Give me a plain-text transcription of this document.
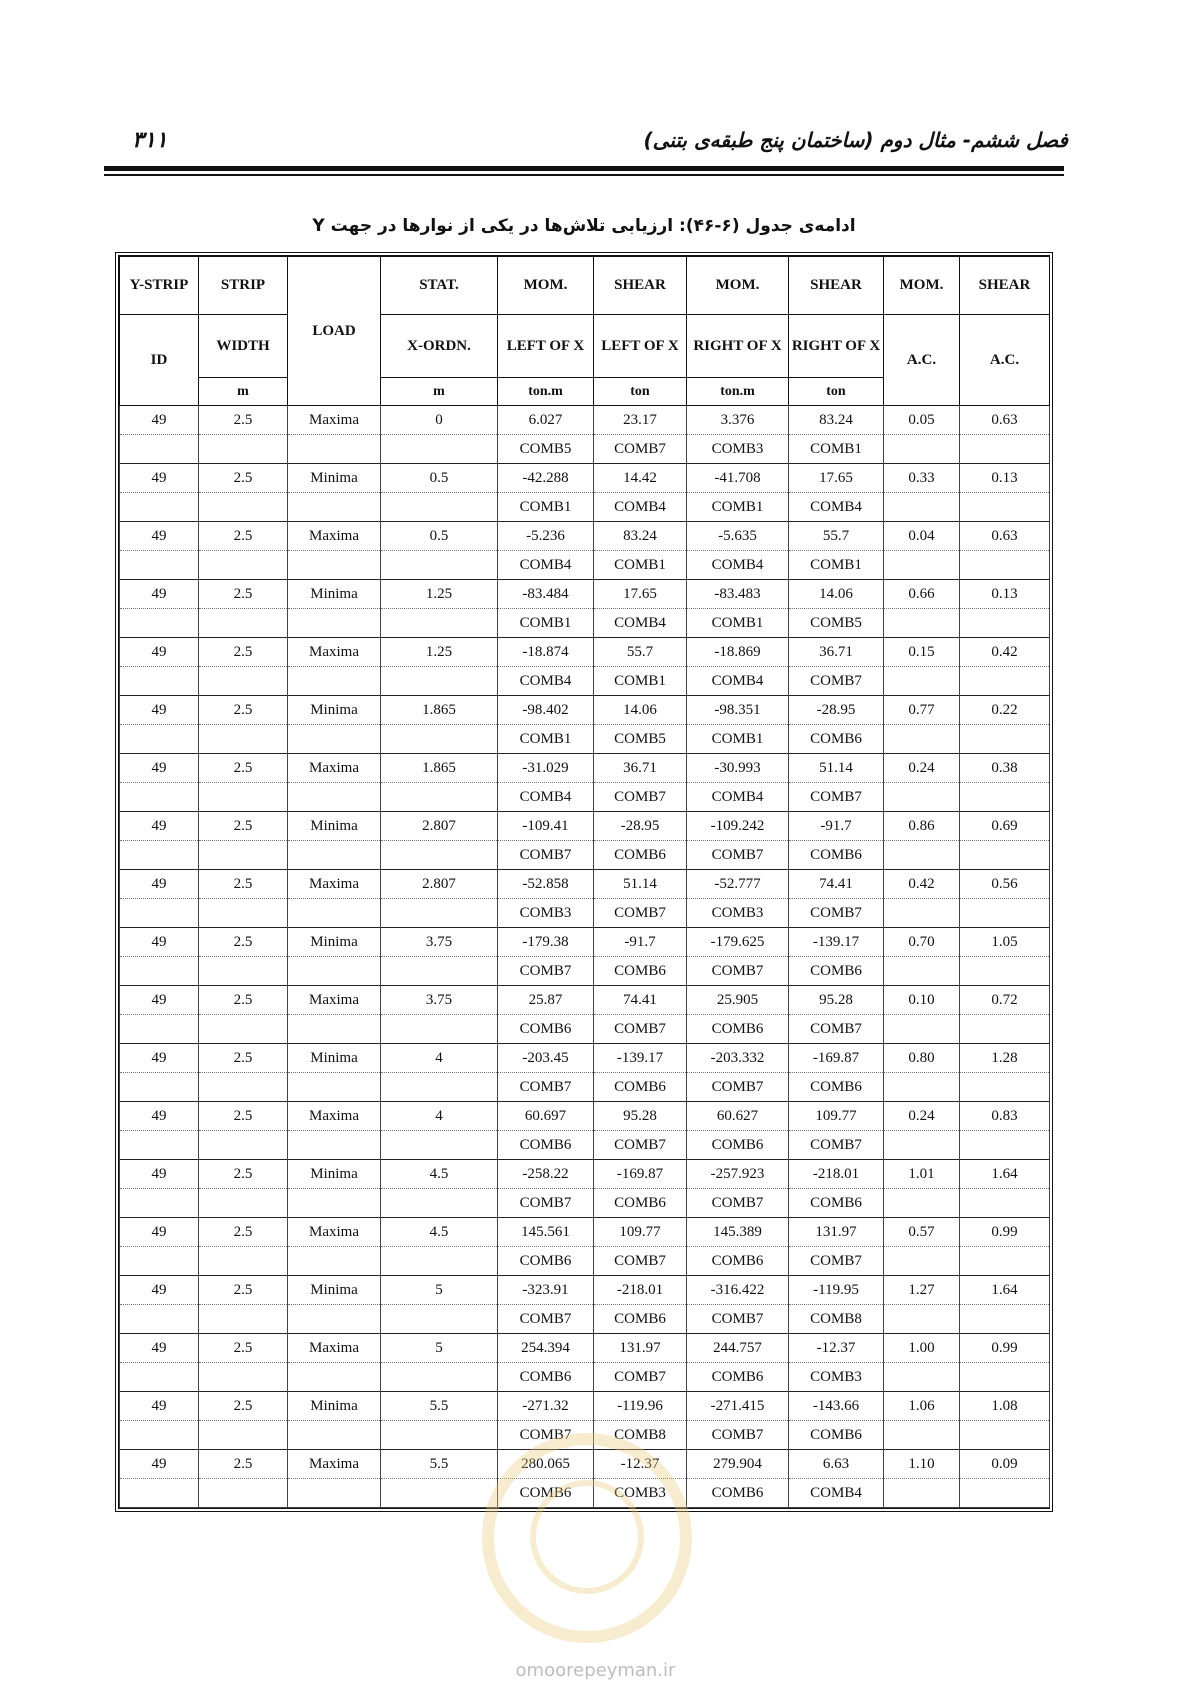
۳۱۱	فصل ششم- مثال دوم (ساختمان پنج طبقه‌ی بتنی)
ادامه‌ی جدول (۶-۴۶): ارزیابی تلاش‌ها در یکی از نوارها در جهت Y
Y-STRIP	STRIP	LOAD	STAT.	MOM.	SHEAR	MOM.	SHEAR	MOM.	SHEAR
ID	WIDTH		X-ORDN.	LEFT OF X	LEFT OF X	RIGHT OF X	RIGHT OF X	A.C.	A.C.
	m		m	ton.m	ton	ton.m	ton		
49	2.5	Maxima	0	6.027	23.17	3.376	83.24	0.05	0.63
				COMB5	COMB7	COMB3	COMB1		
49	2.5	Minima	0.5	-42.288	14.42	-41.708	17.65	0.33	0.13
				COMB1	COMB4	COMB1	COMB4		
49	2.5	Maxima	0.5	-5.236	83.24	-5.635	55.7	0.04	0.63
				COMB4	COMB1	COMB4	COMB1		
49	2.5	Minima	1.25	-83.484	17.65	-83.483	14.06	0.66	0.13
				COMB1	COMB4	COMB1	COMB5		
49	2.5	Maxima	1.25	-18.874	55.7	-18.869	36.71	0.15	0.42
				COMB4	COMB1	COMB4	COMB7		
49	2.5	Minima	1.865	-98.402	14.06	-98.351	-28.95	0.77	0.22
				COMB1	COMB5	COMB1	COMB6		
49	2.5	Maxima	1.865	-31.029	36.71	-30.993	51.14	0.24	0.38
				COMB4	COMB7	COMB4	COMB7		
49	2.5	Minima	2.807	-109.41	-28.95	-109.242	-91.7	0.86	0.69
				COMB7	COMB6	COMB7	COMB6		
49	2.5	Maxima	2.807	-52.858	51.14	-52.777	74.41	0.42	0.56
				COMB3	COMB7	COMB3	COMB7		
49	2.5	Minima	3.75	-179.38	-91.7	-179.625	-139.17	0.70	1.05
				COMB7	COMB6	COMB7	COMB6		
49	2.5	Maxima	3.75	25.87	74.41	25.905	95.28	0.10	0.72
				COMB6	COMB7	COMB6	COMB7		
49	2.5	Minima	4	-203.45	-139.17	-203.332	-169.87	0.80	1.28
				COMB7	COMB6	COMB7	COMB6		
49	2.5	Maxima	4	60.697	95.28	60.627	109.77	0.24	0.83
				COMB6	COMB7	COMB6	COMB7		
49	2.5	Minima	4.5	-258.22	-169.87	-257.923	-218.01	1.01	1.64
				COMB7	COMB6	COMB7	COMB6		
49	2.5	Maxima	4.5	145.561	109.77	145.389	131.97	0.57	0.99
				COMB6	COMB7	COMB6	COMB7		
49	2.5	Minima	5	-323.91	-218.01	-316.422	-119.95	1.27	1.64
				COMB7	COMB6	COMB7	COMB8		
49	2.5	Maxima	5	254.394	131.97	244.757	-12.37	1.00	0.99
				COMB6	COMB7	COMB6	COMB3		
49	2.5	Minima	5.5	-271.32	-119.96	-271.415	-143.66	1.06	1.08
				COMB7	COMB8	COMB7	COMB6		
49	2.5	Maxima	5.5	280.065	-12.37	279.904	6.63	1.10	0.09
				COMB6	COMB3	COMB6	COMB4		
omoorepeyman.ir
